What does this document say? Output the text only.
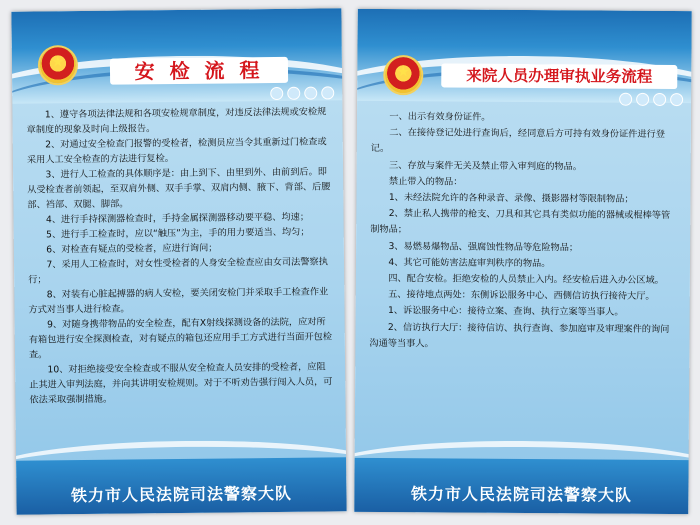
★
安 检 流 程

1、遵守各项法律法规和各项安检规章制度，对违反法律法规或安检规章制度的现象及时向上级报告。

2、对通过安全检查门报警的受检者，检测员应当令其重新过门检查或采用人工安全检查的方法进行复检。

3、进行人工检查的具体顺序是：由上到下、由里到外、由前到后。即从受检查者前领起，至双肩外侧、双手手掌、双肩内侧、腋下、背部、后腰部、裆部、双腿、脚部。

4、进行手持探测器检查时，手持金属探测器移动要平稳、均速；

5、进行手工检查时，应以“触压”为主，手的用力要适当、均匀；

6、对检查有疑点的受检者，应进行询问；

7、采用人工检查时，对女性受检者的人身安全检查应由女司法警察执行；

8、对装有心脏起搏器的病人安检，要关闭安检门并采取手工检查作业方式对当事人进行检查。

9、对随身携带物品的安全检查，配有X射线探测设备的法院，应对所有箱包进行安全探测检查，对有疑点的箱包还应用手工方式进行当面开包检查。

10、对拒绝接受安全检查或不服从安全检查人员安排的受检者，应阻止其进入审判法庭，并向其讲明安检规则。对于不听劝告强行闯入人员，可依法采取强制措施。

铁力市人民法院司法警察大队
★
来院人员办理审执业务流程

一、出示有效身份证件。

二、在接待登记处进行查询后，经同意后方可持有效身份证件进行登记。

三、存放与案件无关及禁止带入审判庭的物品。

禁止带入的物品：

1、未经法院允许的各种录音、录像、摄影器材等限制物品；

2、禁止私人携带的枪支、刀具和其它具有类似功能的器械或棍棒等管制物品；

3、易燃易爆物品、强腐蚀性物品等危险物品；

4、其它可能妨害法庭审判秩序的物品。

四、配合安检。拒绝安检的人员禁止入内。经安检后进入办公区域。

五、接待地点两处：东侧诉讼服务中心、西侧信访执行接待大厅。

1、诉讼服务中心：接待立案、查询、执行立案等当事人。

2、信访执行大厅：接待信访、执行查询、参加庭审及审理案件的询问沟通等当事人。

铁力市人民法院司法警察大队
